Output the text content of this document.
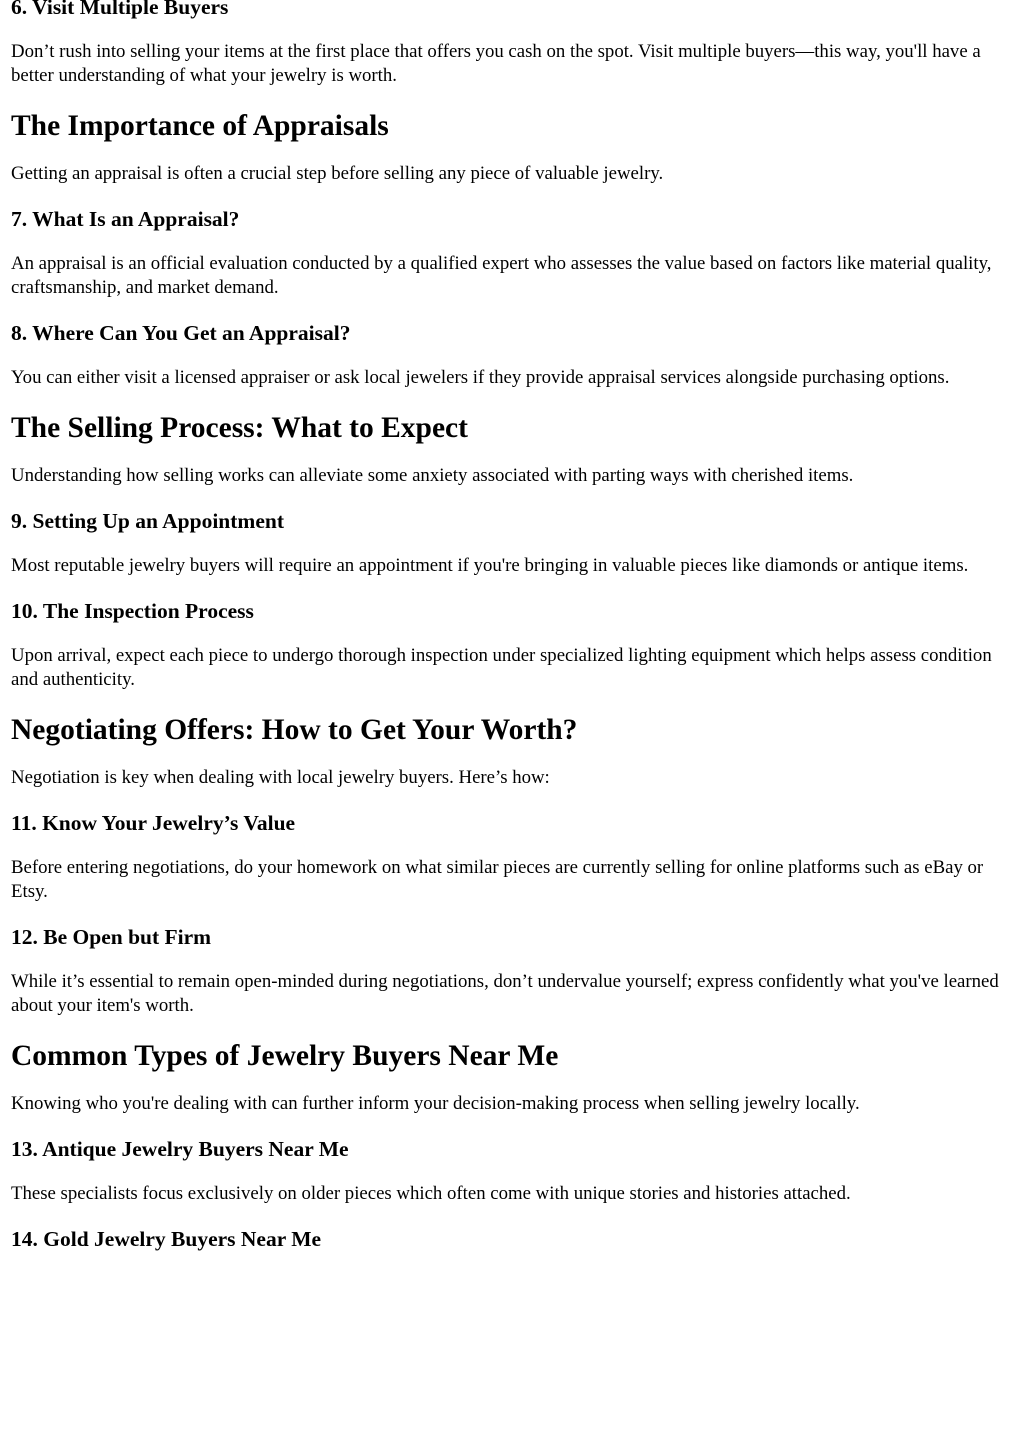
6. Visit Multiple Buyers

Don’t rush into selling your items at the first place that offers you cash on the spot. Visit multiple buyers—this way, you'll have a better understanding of what your jewelry is worth.

The Importance of Appraisals

Getting an appraisal is often a crucial step before selling any piece of valuable jewelry.

7. What Is an Appraisal?

An appraisal is an official evaluation conducted by a qualified expert who assesses the value based on factors like material quality, craftsmanship, and market demand.

8. Where Can You Get an Appraisal?

You can either visit a licensed appraiser or ask local jewelers if they provide appraisal services alongside purchasing options.

The Selling Process: What to Expect

Understanding how selling works can alleviate some anxiety associated with parting ways with cherished items.

9. Setting Up an Appointment

Most reputable jewelry buyers will require an appointment if you're bringing in valuable pieces like diamonds or antique items.

10. The Inspection Process

Upon arrival, expect each piece to undergo thorough inspection under specialized lighting equipment which helps assess condition and authenticity.

Negotiating Offers: How to Get Your Worth?

Negotiation is key when dealing with local jewelry buyers. Here’s how:

11. Know Your Jewelry’s Value

Before entering negotiations, do your homework on what similar pieces are currently selling for online platforms such as eBay or Etsy.

12. Be Open but Firm

While it’s essential to remain open-minded during negotiations, don’t undervalue yourself; express confidently what you've learned about your item's worth.

Common Types of Jewelry Buyers Near Me

Knowing who you're dealing with can further inform your decision-making process when selling jewelry locally.

13. Antique Jewelry Buyers Near Me

These specialists focus exclusively on older pieces which often come with unique stories and histories attached.

14. Gold Jewelry Buyers Near Me
